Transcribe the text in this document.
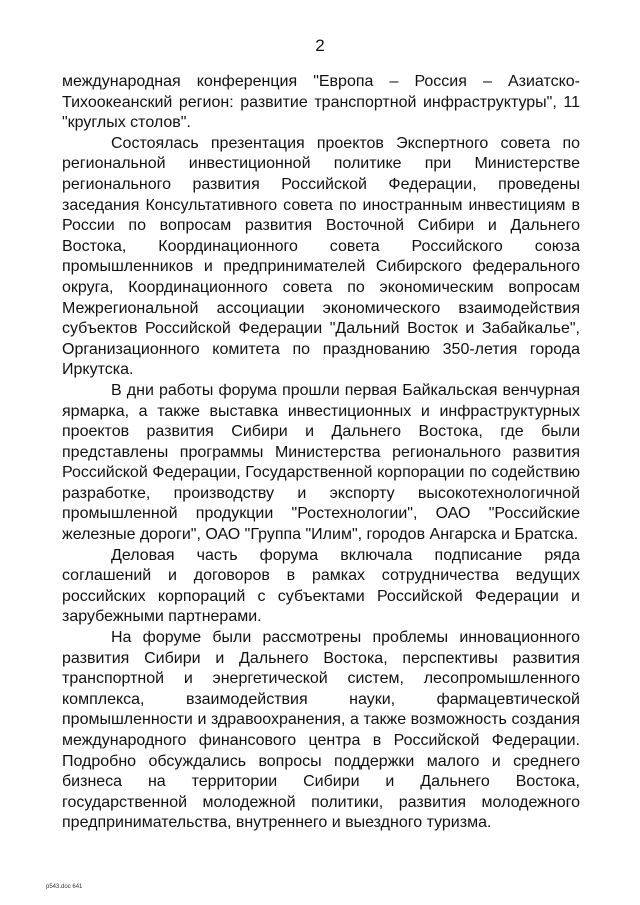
2

международная конференция "Европа – Россия – Азиатско-Тихоокеанский регион: развитие транспортной инфраструктуры", 11 "круглых столов".

Состоялась презентация проектов Экспертного совета по региональной инвестиционной политике при Министерстве регионального развития Российской Федерации, проведены заседания Консультативного совета по иностранным инвестициям в России по вопросам развития Восточной Сибири и Дальнего Востока, Координационного совета Российского союза промышленников и предпринимателей Сибирского федерального округа, Координационного совета по экономическим вопросам Межрегиональной ассоциации экономического взаимодействия субъектов Российской Федерации "Дальний Восток и Забайкалье", Организационного комитета по празднованию 350-летия города Иркутска.

В дни работы форума прошли первая Байкальская венчурная ярмарка, а также выставка инвестиционных и инфраструктурных проектов развития Сибири и Дальнего Востока, где были представлены программы Министерства регионального развития Российской Федерации, Государственной корпорации по содействию разработке, производству и экспорту высокотехнологичной промышленной продукции "Ростехнологии", ОАО "Российские железные дороги", ОАО "Группа "Илим", городов Ангарска и Братска.

Деловая часть форума включала подписание ряда соглашений и договоров в рамках сотрудничества ведущих российских корпораций с субъектами Российской Федерации и зарубежными партнерами.

На форуме были рассмотрены проблемы инновационного развития Сибири и Дальнего Востока, перспективы развития транспортной и энергетической систем, лесопромышленного комплекса, взаимодействия науки, фармацевтической промышленности и здравоохранения, а также возможность создания международного финансового центра в Российской Федерации. Подробно обсуждались вопросы поддержки малого и среднего бизнеса на территории Сибири и Дальнего Востока, государственной молодежной политики, развития молодежного предпринимательства, внутреннего и выездного туризма.

р543.doc 641
